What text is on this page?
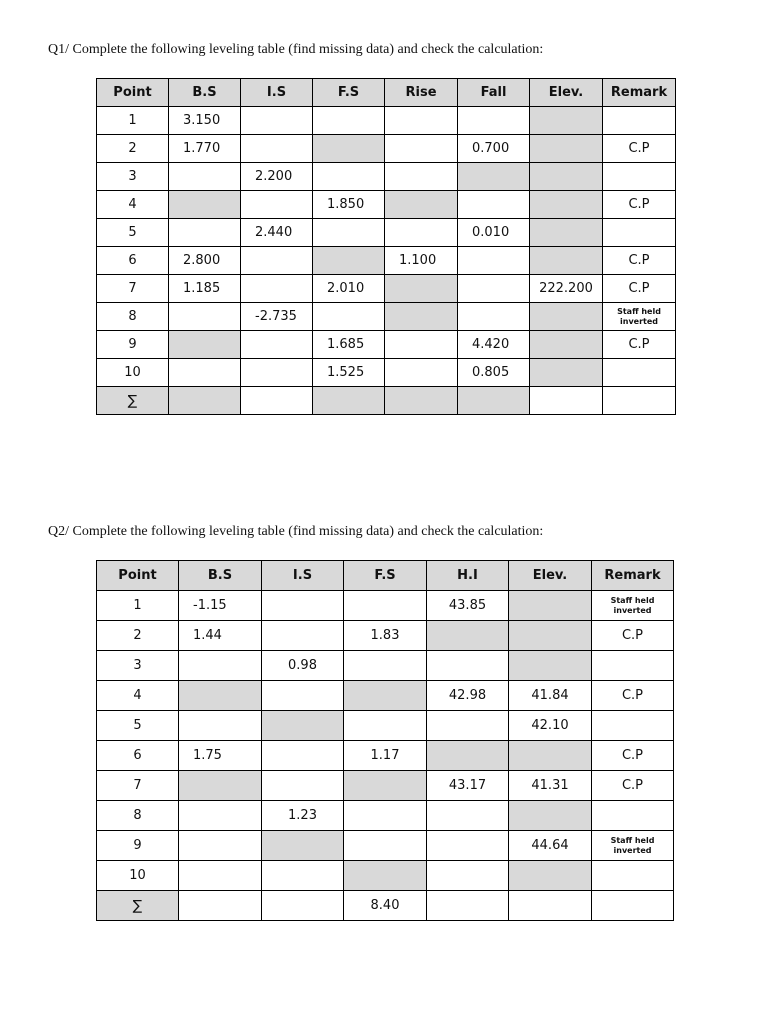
Q1/ Complete the following leveling table (find missing data) and check the calculation:
Point	B.S	I.S	F.S	Rise	Fall	Elev.	Remark
1	3.150						
2	1.770				0.700		C.P
3		2.200					
4			1.850				C.P
5		2.440			0.010		
6	2.800			1.100			C.P
7	1.185		2.010			222.200	C.P
8		-2.735					Staff held inverted
9			1.685		4.420		C.P
10			1.525		0.805		
∑							
Q2/ Complete the following leveling table (find missing data) and check the calculation:
Point	B.S	I.S	F.S	H.I	Elev.	Remark
1	-1.15			43.85		Staff held inverted
2	1.44		1.83			C.P
3		0.98				
4				42.98	41.84	C.P
5					42.10	
6	1.75		1.17			C.P
7				43.17	41.31	C.P
8		1.23				
9					44.64	Staff held inverted
10						
∑			8.40			
